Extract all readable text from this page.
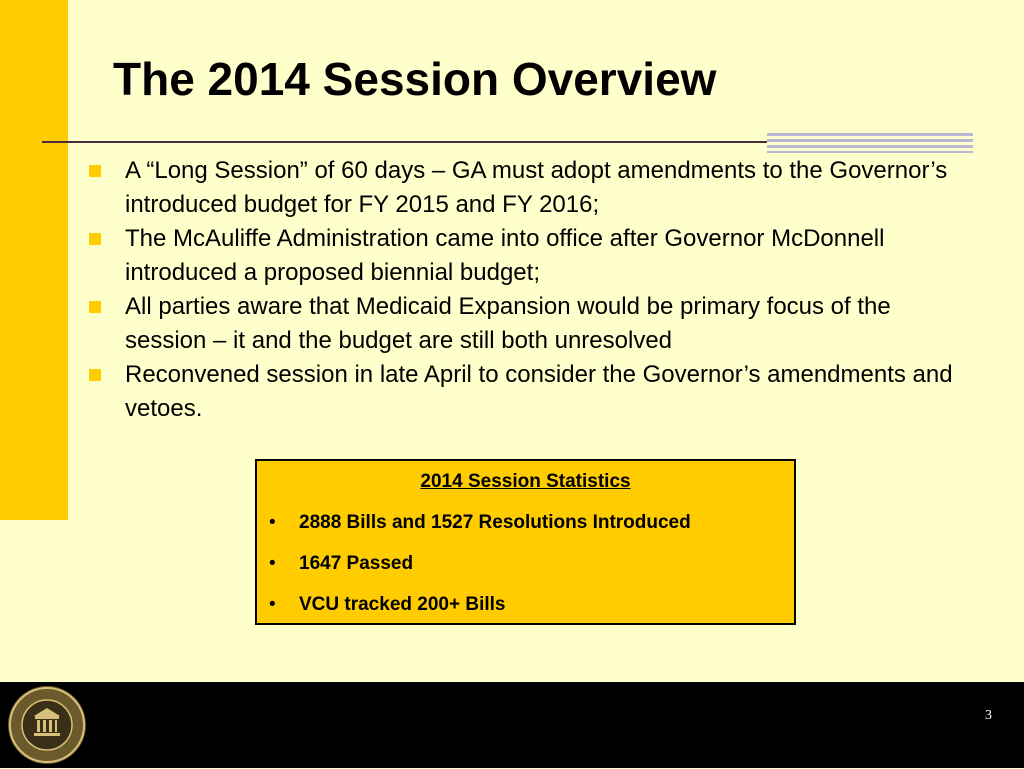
The 2014 Session Overview
A “Long Session” of 60 days – GA must adopt amendments to the Governor’s introduced budget for FY 2015 and FY 2016;
The McAuliffe Administration came into office after Governor McDonnell introduced a proposed biennial budget;
All parties aware that Medicaid Expansion would be primary focus of the session – it and the budget are still both unresolved
Reconvened session in late April to consider the Governor’s amendments and vetoes.
2014 Session Statistics
• 2888 Bills and 1527 Resolutions Introduced
• 1647 Passed
• VCU tracked 200+ Bills
3
